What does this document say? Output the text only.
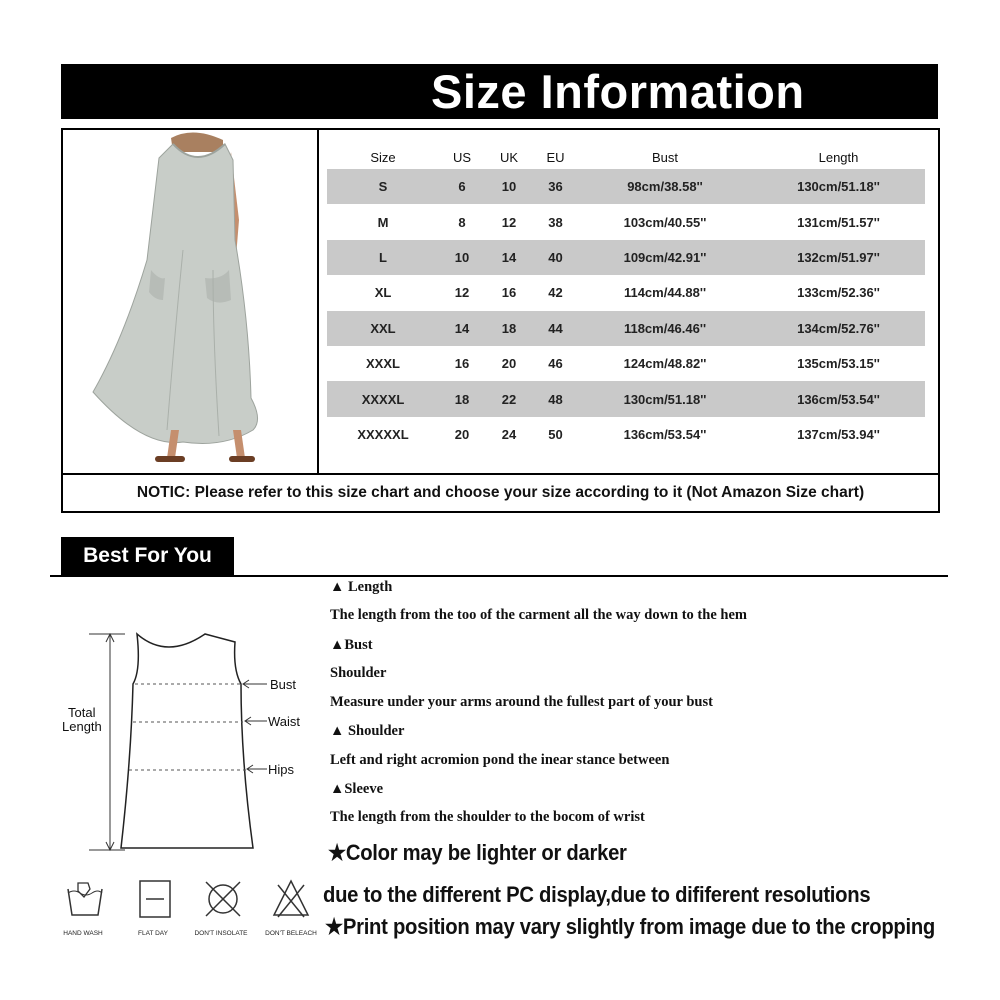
Size Information
NOTIC: Please refer to this size chart and choose your size according to it (Not Amazon Size chart)
Size	US	UK	EU	Bust	Length
S	6	10	36	98cm/38.58''	130cm/51.18''
M	8	12	38	103cm/40.55''	131cm/51.57''
L	10	14	40	109cm/42.91''	132cm/51.97''
XL	12	16	42	114cm/44.88''	133cm/52.36''
XXL	14	18	44	118cm/46.46''	134cm/52.76''
XXXL	16	20	46	124cm/48.82''	135cm/53.15''
XXXXL	18	22	48	130cm/51.18''	136cm/53.54''
XXXXXL	20	24	50	136cm/53.54''	137cm/53.94''
Best For You
Bust
Waist
Hips
Total
Length
▲ Length
The length from the too of the carment all the way down to the hem
▲Bust
Shoulder
Measure under your arms around the fullest part of your bust
▲ Shoulder
Left and right acromion pond the inear stance between
▲Sleeve
The length from the shoulder to the bocom of wrist
★Color may be lighter or darker
due to the different PC display,due to dififerent resolutions
★Print position may vary slightly from image due to the cropping
HAND WASH	FLAT DAY	DON'T INSOLATE	DON'T BELEACH
